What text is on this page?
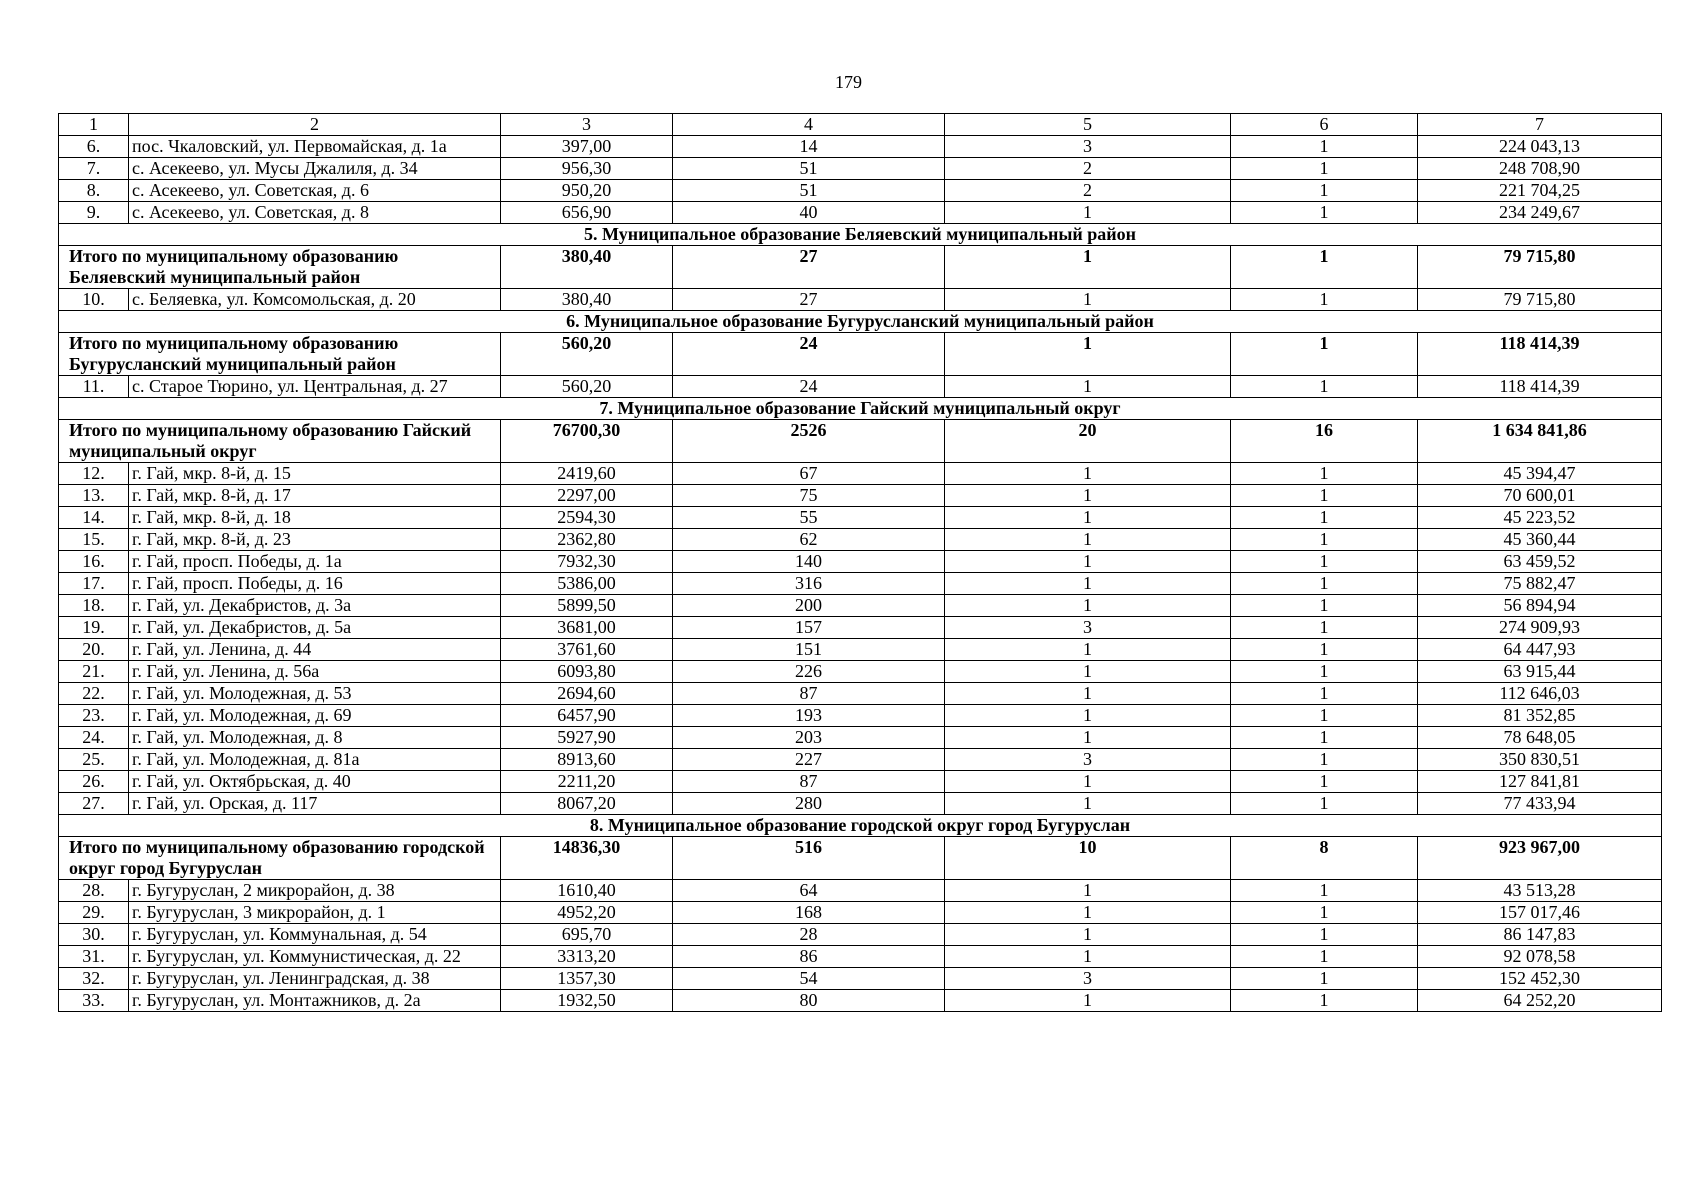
179
1	2	3	4	5	6	7
6.	пос. Чкаловский, ул. Первомайская, д. 1а	397,00	14	3	1	224 043,13
7.	с. Асекеево, ул. Мусы Джалиля, д. 34	956,30	51	2	1	248 708,90
8.	с. Асекеево, ул. Советская, д. 6	950,20	51	2	1	221 704,25
9.	с. Асекеево, ул. Советская, д. 8	656,90	40	1	1	234 249,67
5. Муниципальное образование Беляевский муниципальный район						
Итого по муниципальному образованию Беляевский муниципальный район		380,40	27	1	1	79 715,80
10.	с. Беляевка, ул. Комсомольская, д. 20	380,40	27	1	1	79 715,80
6. Муниципальное образование Бугурусланский муниципальный район						
Итого по муниципальному образованию Бугурусланский муниципальный район		560,20	24	1	1	118 414,39
11.	с. Старое Тюрино, ул. Центральная, д. 27	560,20	24	1	1	118 414,39
7. Муниципальное образование Гайский муниципальный округ						
Итого по муниципальному образованию Гайский муниципальный округ		76700,30	2526	20	16	1 634 841,86
12.	г. Гай, мкр. 8-й, д. 15	2419,60	67	1	1	45 394,47
13.	г. Гай, мкр. 8-й, д. 17	2297,00	75	1	1	70 600,01
14.	г. Гай, мкр. 8-й, д. 18	2594,30	55	1	1	45 223,52
15.	г. Гай, мкр. 8-й, д. 23	2362,80	62	1	1	45 360,44
16.	г. Гай, просп. Победы, д. 1а	7932,30	140	1	1	63 459,52
17.	г. Гай, просп. Победы, д. 16	5386,00	316	1	1	75 882,47
18.	г. Гай, ул. Декабристов, д. 3а	5899,50	200	1	1	56 894,94
19.	г. Гай, ул. Декабристов, д. 5а	3681,00	157	3	1	274 909,93
20.	г. Гай, ул. Ленина, д. 44	3761,60	151	1	1	64 447,93
21.	г. Гай, ул. Ленина, д. 56а	6093,80	226	1	1	63 915,44
22.	г. Гай, ул. Молодежная, д. 53	2694,60	87	1	1	112 646,03
23.	г. Гай, ул. Молодежная, д. 69	6457,90	193	1	1	81 352,85
24.	г. Гай, ул. Молодежная, д. 8	5927,90	203	1	1	78 648,05
25.	г. Гай, ул. Молодежная, д. 81а	8913,60	227	3	1	350 830,51
26.	г. Гай, ул. Октябрьская, д. 40	2211,20	87	1	1	127 841,81
27.	г. Гай, ул. Орская, д. 117	8067,20	280	1	1	77 433,94
8. Муниципальное образование городской округ город Бугуруслан						
Итого по муниципальному образованию городской округ город Бугуруслан		14836,30	516	10	8	923 967,00
28.	г. Бугуруслан, 2 микрорайон, д. 38	1610,40	64	1	1	43 513,28
29.	г. Бугуруслан, 3 микрорайон, д. 1	4952,20	168	1	1	157 017,46
30.	г. Бугуруслан, ул. Коммунальная, д. 54	695,70	28	1	1	86 147,83
31.	г. Бугуруслан, ул. Коммунистическая, д. 22	3313,20	86	1	1	92 078,58
32.	г. Бугуруслан, ул. Ленинградская, д. 38	1357,30	54	3	1	152 452,30
33.	г. Бугуруслан, ул. Монтажников, д. 2а	1932,50	80	1	1	64 252,20
